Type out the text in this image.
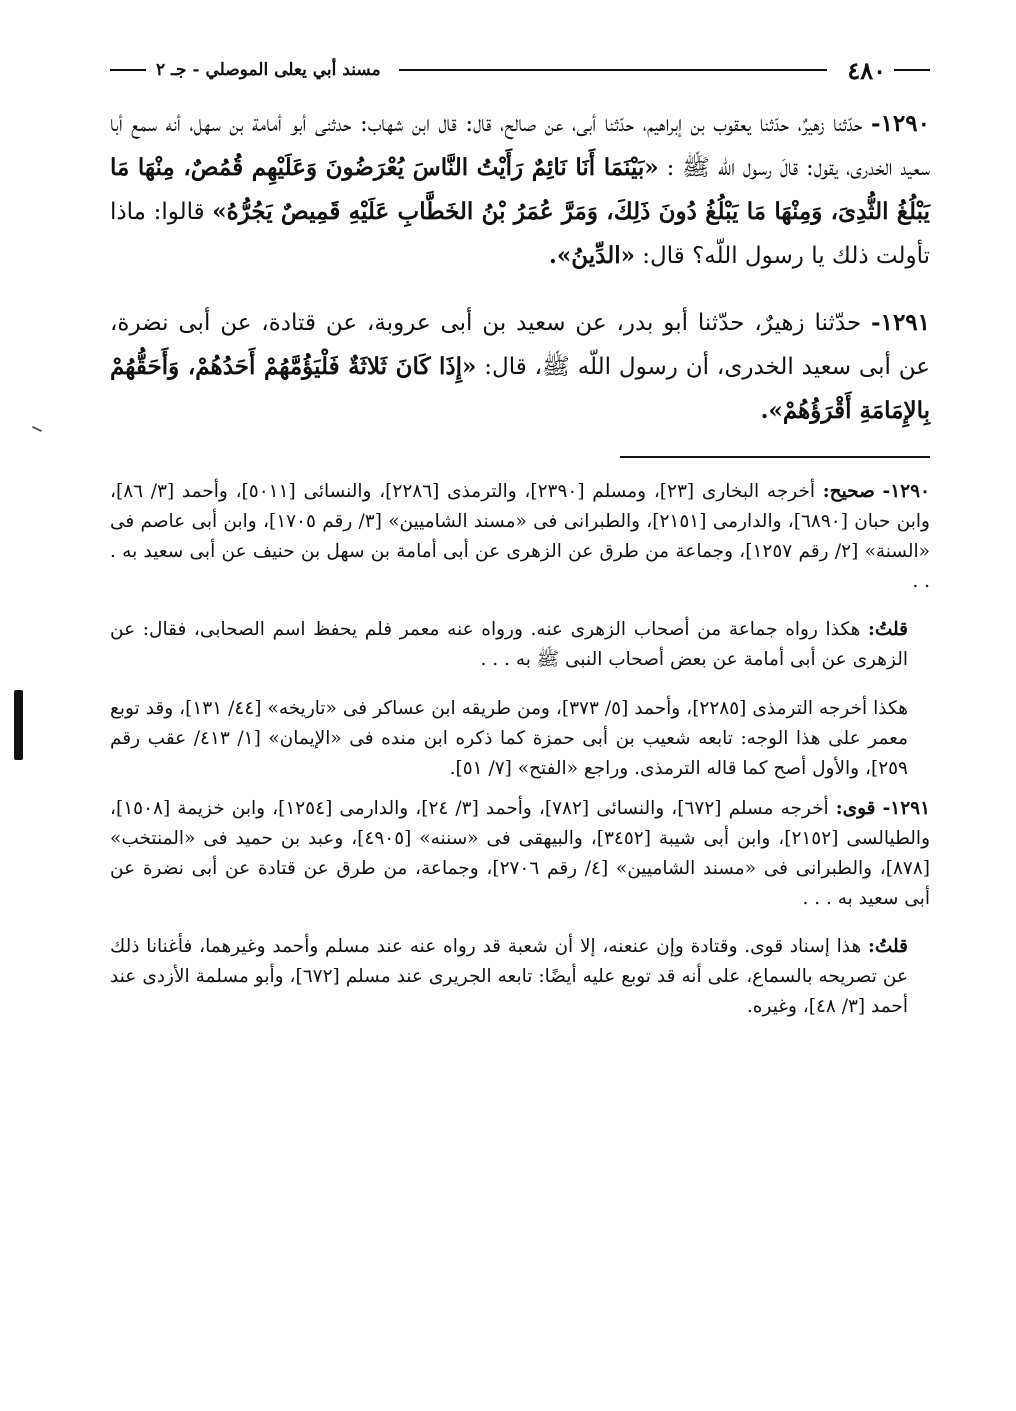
٤٨٠
مسند أبي يعلى الموصلي - جـ ٢

١٢٩٠- حدّثنا زهيرٌ، حدّثنا يعقوب بن إبراهيم، حدّثنا أبى، عن صالح، قال: قال ابن شهاب: حدثنى أبو أمامة بن سهل، أنه سمع أبا سعيد الخدرى، يقول: قالَ رسول اللّه ﷺ : «بَيْنَمَا أَنَا نَائِمٌ رَأَيْتُ النَّاسَ يُعْرَضُونَ وَعَلَيْهِم قُمُصٌ، مِنْهَا مَا يَبْلُغُ الثُّدِىَ، وَمِنْهَا مَا يَبْلُغُ دُونَ ذَلِكَ، وَمَرَّ عُمَرُ بْنُ الخَطَّابِ عَلَيْهِ قَمِيصٌ يَجُرُّهُ» قالوا: ماذا تأولت ذلك يا رسول اللّه؟ قال: «الدِّينُ».

١٢٩١- حدّثنا زهيرٌ، حدّثنا أبو بدر، عن سعيد بن أبى عروبة، عن قتادة، عن أبى نضرة، عن أبى سعيد الخدرى، أن رسول اللّه ﷺ، قال: «إِذَا كَانَ ثَلاثَةٌ فَلْيَؤُمَّهُمْ أَحَدُهُمْ، وَأَحَقُّهُمْ بِالإِمَامَةِ أَقْرَؤُهُمْ».

١٢٩٠- صحيح: أخرجه البخارى [٢٣]، ومسلم [٢٣٩٠]، والترمذى [٢٢٨٦]، والنسائى [٥٠١١]، وأحمد [٣/ ٨٦]، وابن حبان [٦٨٩٠]، والدارمى [٢١٥١]، والطبرانى فى «مسند الشاميين» [٣/ رقم ١٧٠٥]، وابن أبى عاصم فى «السنة» [٢/ رقم ١٢٥٧]، وجماعة من طرق عن الزهرى عن أبى أمامة بن سهل بن حنيف عن أبى سعيد به . . .

قلتُ: هكذا رواه جماعة من أصحاب الزهرى عنه. ورواه عنه معمر فلم يحفظ اسم الصحابى، فقال: عن الزهرى عن أبى أمامة عن بعض أصحاب النبى ﷺ به . . .

هكذا أخرجه الترمذى [٢٢٨٥]، وأحمد [٥/ ٣٧٣]، ومن طريقه ابن عساكر فى «تاريخه» [٤٤/ ١٣١]، وقد توبع معمر على هذا الوجه: تابعه شعيب بن أبى حمزة كما ذكره ابن منده فى «الإيمان» [١/ ٤١٣/ عقب رقم ٢٥٩]، والأول أصح كما قاله الترمذى. وراجع «الفتح» [٧/ ٥١].

١٢٩١- قوى: أخرجه مسلم [٦٧٢]، والنسائى [٧٨٢]، وأحمد [٣/ ٢٤]، والدارمى [١٢٥٤]، وابن خزيمة [١٥٠٨]، والطيالسى [٢١٥٢]، وابن أبى شيبة [٣٤٥٢]، والبيهقى فى «سننه» [٤٩٠٥]، وعبد بن حميد فى «المنتخب» [٨٧٨]، والطبرانى فى «مسند الشاميين» [٤/ رقم ٢٧٠٦]، وجماعة، من طرق عن قتادة عن أبى نضرة عن أبى سعيد به . . .

قلتُ: هذا إسناد قوى. وقتادة وإن عنعنه، إلا أن شعبة قد رواه عنه عند مسلم وأحمد وغيرهما، فأغنانا ذلك عن تصريحه بالسماع، على أنه قد توبع عليه أيضًا: تابعه الجريرى عند مسلم [٦٧٢]، وأبو مسلمة الأزدى عند أحمد [٣/ ٤٨]، وغيره.
